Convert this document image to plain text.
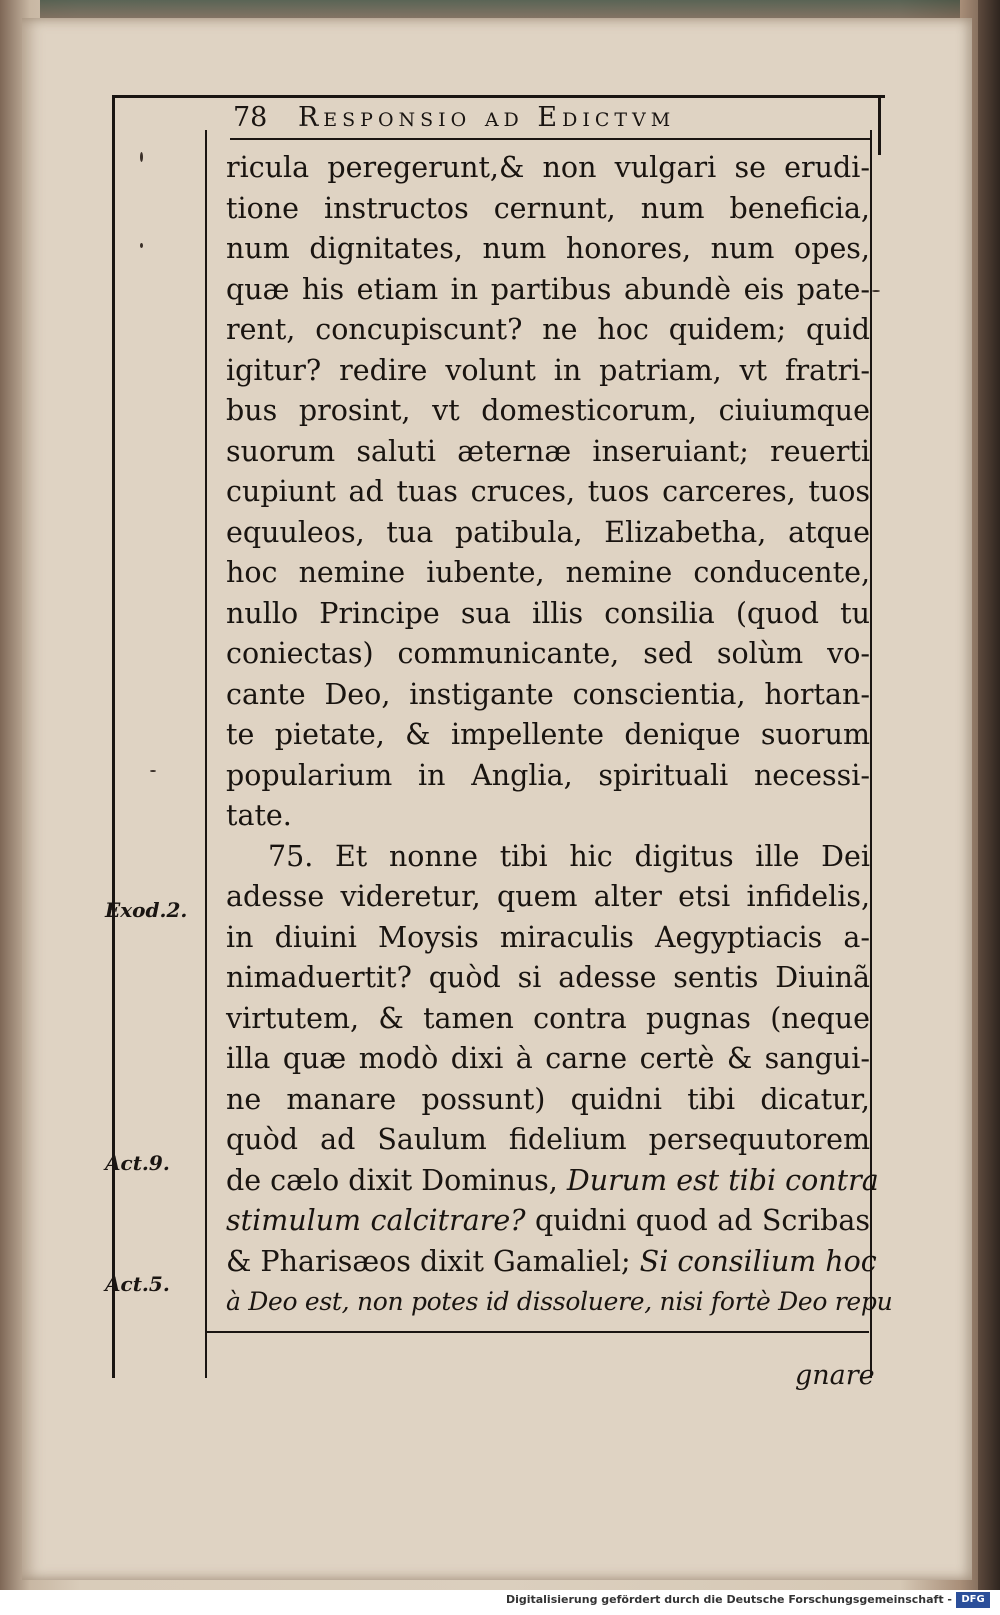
78 Responsio ad Edictvm
ricula peregerunt,& non vulgari se erudi-
tione instructos cernunt, num beneficia,
num dignitates, num honores, num opes,
quæ his etiam in partibus abundè eis pate-
rent, concupiscunt? ne hoc quidem; quid
igitur? redire volunt in patriam, vt fratri-
bus prosint, vt domesticorum, ciuiumque
suorum saluti æternæ inseruiant; reuerti
cupiunt ad tuas cruces, tuos carceres, tuos
equuleos, tua patibula, Elizabetha, atque
hoc nemine iubente, nemine conducente,
nullo Principe sua illis consilia (quod tu
coniectas) communicante, sed solùm vo-
cante Deo, instigante conscientia, hortan-
te pietate, & impellente denique suorum
popularium in Anglia, spirituali necessi-
tate.
75. Et nonne tibi hic digitus ille Dei
adesse videretur, quem alter etsi infidelis,
in diuini Moysis miraculis Aegyptiacis a-
nimaduertit? quòd si adesse sentis Diuinã
virtutem, & tamen contra pugnas (neque
illa quæ modò dixi à carne certè & sangui-
ne manare possunt) quidni tibi dicatur,
quòd ad Saulum fidelium persequutorem
de cælo dixit Dominus, Durum est tibi contra
stimulum calcitrare? quidni quod ad Scribas
& Pharisæos dixit Gamaliel; Si consilium hoc
à Deo est, non potes id dissoluere, nisi fortè Deo repu
Exod.2.
Act.9.
Act.5.
gnare
Digitalisierung gefördert durch die Deutsche Forschungsgemeinschaft - DFG
